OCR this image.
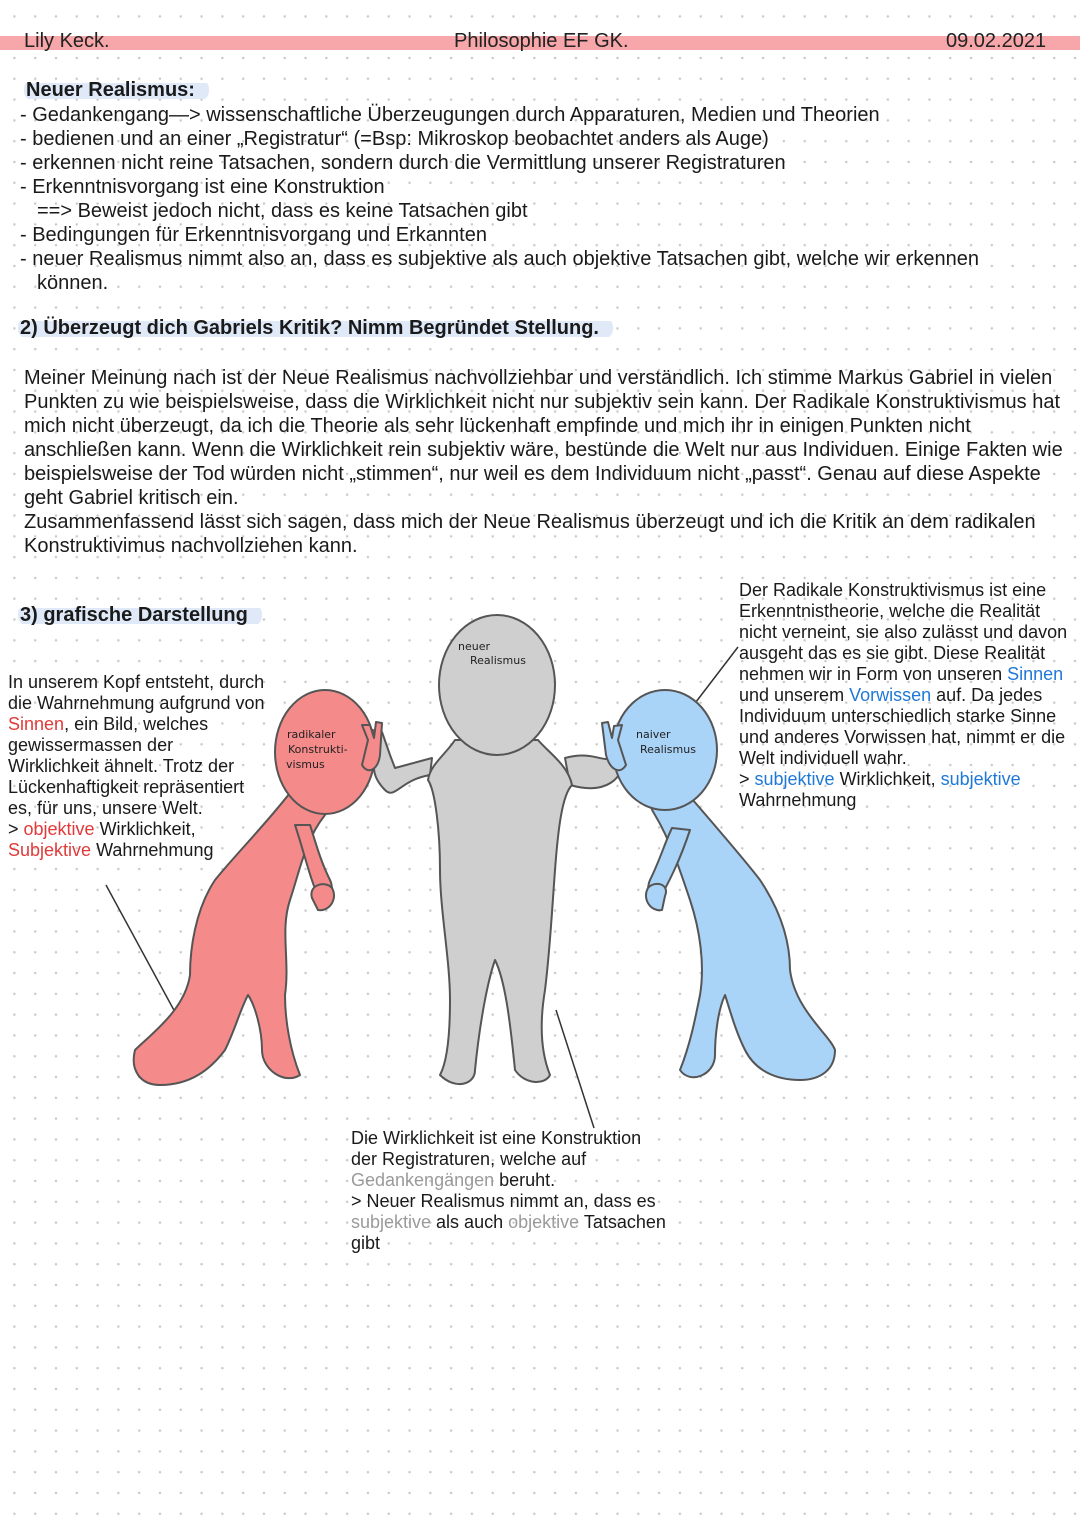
Lily Keck.	Philosophie EF GK.	09.02.2021
Neuer Realismus:
- Gedankengang—> wissenschaftliche Überzeugungen durch Apparaturen, Medien und Theorien
- bedienen und an einer „Registratur“ (=Bsp: Mikroskop beobachtet anders als Auge)
- erkennen nicht reine Tatsachen, sondern durch die Vermittlung unserer Registraturen
- Erkenntnisvorgang ist eine Konstruktion
==> Beweist jedoch nicht, dass es keine Tatsachen gibt
- Bedingungen für Erkenntnisvorgang und Erkannten
- neuer Realismus nimmt also an, dass es subjektive als auch objektive Tatsachen gibt, welche wir erkennen
können.
2) Überzeugt dich Gabriels Kritik? Nimm Begründet Stellung.

Meiner Meinung nach ist der Neue Realismus nachvollziehbar und verständlich. Ich stimme Markus Gabriel in vielen Punkten zu wie beispielsweise, dass die Wirklichkeit nicht nur subjektiv sein kann. Der Radikale Konstruktivismus hat mich nicht überzeugt, da ich die Theorie als sehr lückenhaft empfinde und mich ihr in einigen Punkten nicht anschließen kann. Wenn die Wirklichkeit rein subjektiv wäre, bestünde die Welt nur aus Individuen. Einige Fakten wie beispielsweise der Tod würden nicht „stimmen“, nur weil es dem Individuum nicht „passt“. Genau auf diese Aspekte geht Gabriel kritisch ein.

Zusammenfassend lässt sich sagen, dass mich der Neue Realismus überzeugt und ich die Kritik an dem radikalen Konstruktivimus nachvollziehen kann.

3) grafische Darstellung
neuer
Realismus
radikaler
Konstrukti-
vismus
naiver
Realismus
In unserem Kopf entsteht, durch die Wahrnehmung aufgrund von Sinnen, ein Bild, welches gewissermassen der Wirklichkeit ähnelt. Trotz der Lückenhaftigkeit repräsentiert es, für uns, unsere Welt.
> objektive Wirklichkeit,
Subjektive Wahrnehmung
Der Radikale Konstruktivismus ist eine Erkenntnistheorie, welche die Realität nicht verneint, sie also zulässt und davon ausgeht das es sie gibt. Diese Realität nehmen wir in Form von unseren Sinnen und unserem Vorwissen auf. Da jedes Individuum unterschiedlich starke Sinne und anderes Vorwissen hat, nimmt er die Welt individuell wahr.
> subjektive Wirklichkeit, subjektive Wahrnehmung
Die Wirklichkeit ist eine Konstruktion der Registraturen, welche auf Gedankengängen beruht.
> Neuer Realismus nimmt an, dass es subjektive als auch objektive Tatsachen gibt
